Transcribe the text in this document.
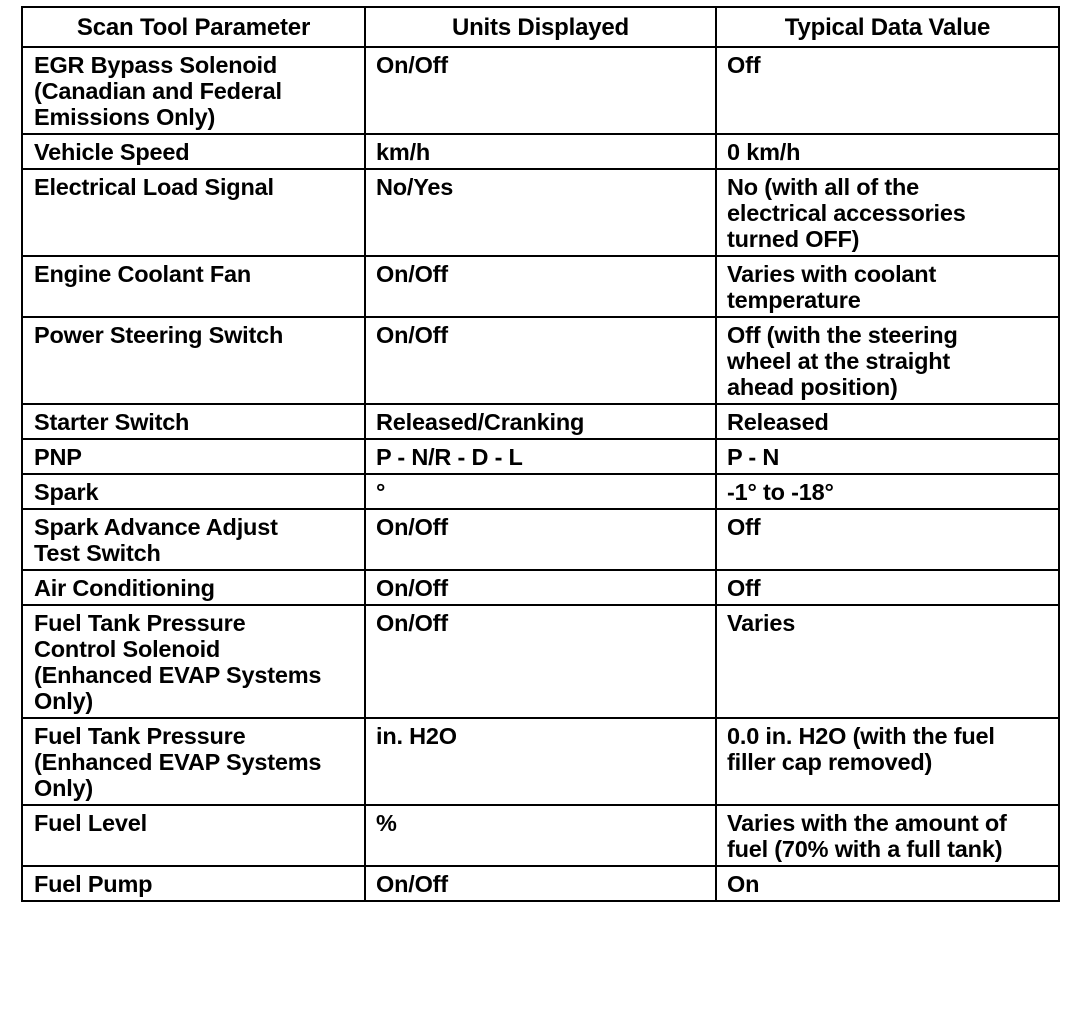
Scan Tool Parameter	Units Displayed	Typical Data Value
EGR Bypass Solenoid
(Canadian and Federal
Emissions Only)	On/Off	Off
Vehicle Speed	km/h	0 km/h
Electrical Load Signal	No/Yes	No (with all of the
electrical accessories
turned OFF)
Engine Coolant Fan	On/Off	Varies with coolant
temperature
Power Steering Switch	On/Off	Off (with the steering
wheel at the straight
ahead position)
Starter Switch	Released/Cranking	Released
PNP	P - N/R - D - L	P - N
Spark	°	-1° to -18°
Spark Advance Adjust
Test Switch	On/Off	Off
Air Conditioning	On/Off	Off
Fuel Tank Pressure
Control Solenoid
(Enhanced EVAP Systems
Only)	On/Off	Varies
Fuel Tank Pressure
(Enhanced EVAP Systems
Only)	in. H2O	0.0 in. H2O (with the fuel
filler cap removed)
Fuel Level	%	Varies with the amount of
fuel (70% with a full tank)
Fuel Pump	On/Off	On
